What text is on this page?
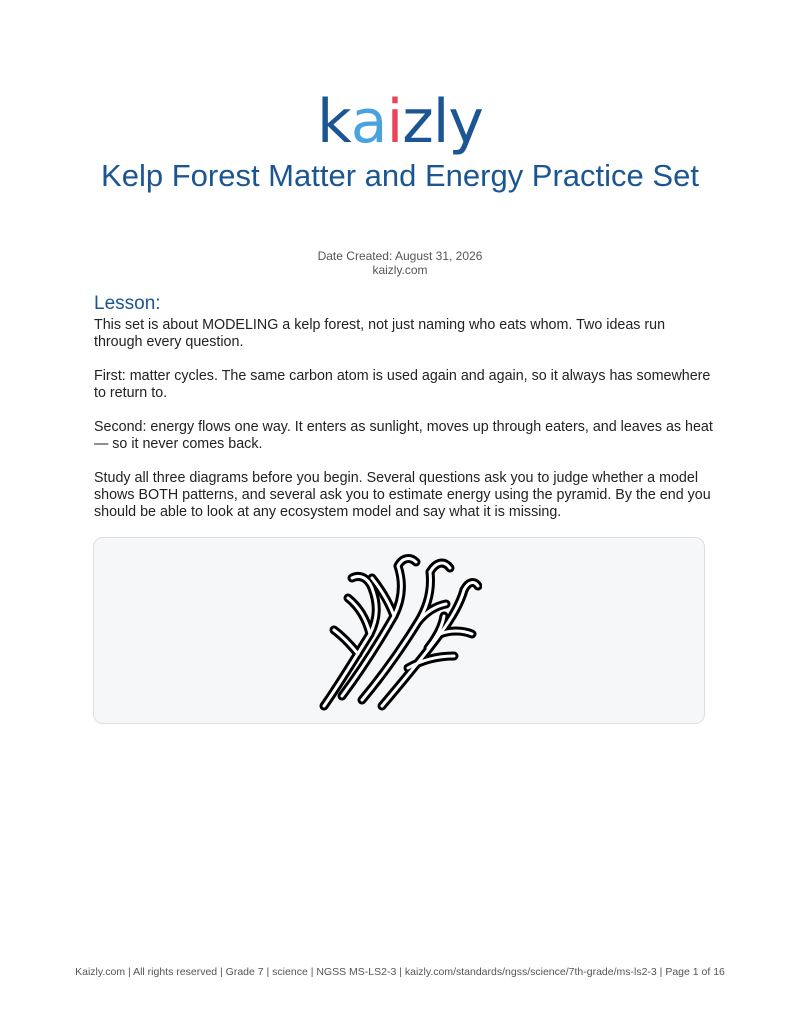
kaizly
Kelp Forest Matter and Energy Practice Set
Date Created: August 31, 2026
kaizly.com
Lesson:

This set is about MODELING a kelp forest, not just naming who eats whom. Two ideas run through every question.

First: matter cycles. The same carbon atom is used again and again, so it always has somewhere to return to.

Second: energy flows one way. It enters as sunlight, moves up through eaters, and leaves as heat — so it never comes back.

Study all three diagrams before you begin. Several questions ask you to judge whether a model shows BOTH patterns, and several ask you to estimate energy using the pyramid. By the end you should be able to look at any ecosystem model and say what it is missing.

Kaizly.com | All rights reserved | Grade 7 | science | NGSS MS-LS2-3 | kaizly.com/standards/ngss/science/7th-grade/ms-ls2-3 | Page 1 of 16
